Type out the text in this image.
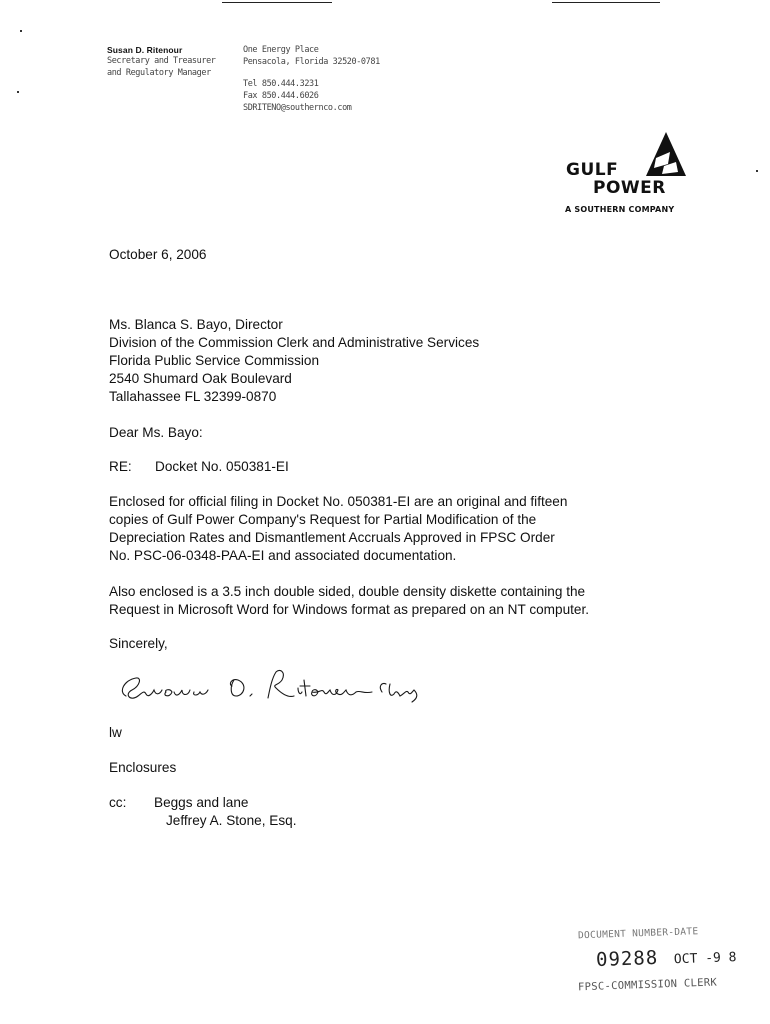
Susan D. Ritenour
Secretary and Treasurer
and Regulatory Manager
One Energy Place
Pensacola, Florida 32520-0781
Tel 850.444.3231
Fax 850.444.6026
SDRITENO@southernco.com
GULF
POWER
A SOUTHERN COMPANY
October 6, 2006
Ms. Blanca S. Bayo, Director
Division of the Commission Clerk and Administrative Services
Florida Public Service Commission
2540 Shumard Oak Boulevard
Tallahassee FL 32399-0870
Dear Ms. Bayo:
RE: Docket No. 050381-EI
Enclosed for official filing in Docket No. 050381-EI are an original and fifteen
copies of Gulf Power Company's Request for Partial Modification of the
Depreciation Rates and Dismantlement Accruals Approved in FPSC Order
No. PSC-06-0348-PAA-EI and associated documentation.
Also enclosed is a 3.5 inch double sided, double density diskette containing the
Request in Microsoft Word for Windows format as prepared on an NT computer.
Sincerely,
lw
Enclosures
cc: Beggs and lane
Jeffrey A. Stone, Esq.
DOCUMENT NUMBER-DATE
09288 OCT -9 8
FPSC-COMMISSION CLERK
